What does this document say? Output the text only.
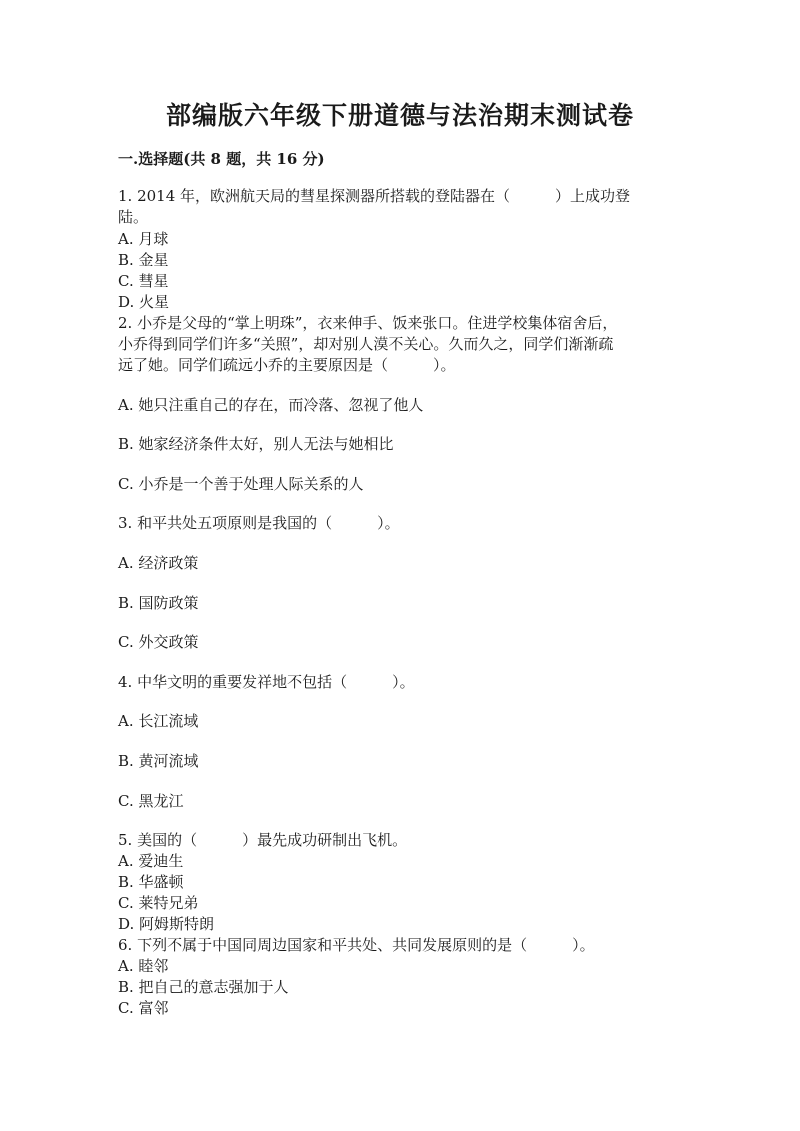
部编版六年级下册道德与法治期末测试卷
一.选择题(共 8 题，共 16 分)
1. 2014 年，欧洲航天局的彗星探测器所搭载的登陆器在（　　　）上成功登
陆。
A. 月球
B. 金星
C. 彗星
D. 火星
2. 小乔是父母的“掌上明珠”，衣来伸手、饭来张口。住进学校集体宿舍后，
小乔得到同学们许多“关照”，却对别人漠不关心。久而久之，同学们渐渐疏
远了她。同学们疏远小乔的主要原因是（　　　）。
A. 她只注重自己的存在，而冷落、忽视了他人
B. 她家经济条件太好，别人无法与她相比
C. 小乔是一个善于处理人际关系的人
3. 和平共处五项原则是我国的（　　　）。
A. 经济政策
B. 国防政策
C. 外交政策
4. 中华文明的重要发祥地不包括（　　　）。
A. 长江流域
B. 黄河流域
C. 黑龙江
5. 美国的（　　　）最先成功研制出飞机。
A. 爱迪生
B. 华盛顿
C. 莱特兄弟
D. 阿姆斯特朗
6. 下列不属于中国同周边国家和平共处、共同发展原则的是（　　　）。
A. 睦邻
B. 把自己的意志强加于人
C. 富邻
